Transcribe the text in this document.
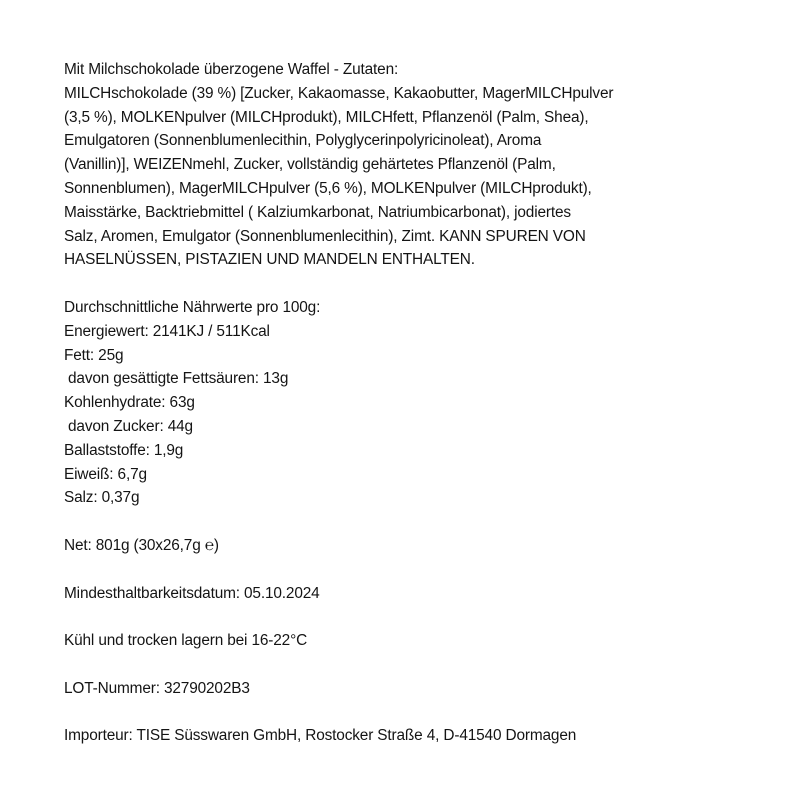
Mit Milchschokolade überzogene Waffel - Zutaten:

MILCHschokolade (39 %) [Zucker, Kakaomasse, Kakaobutter, MagerMILCHpulver

(3,5 %), MOLKENpulver (MILCHprodukt), MILCHfett, Pflanzenöl (Palm, Shea),

Emulgatoren (Sonnenblumenlecithin, Polyglycerinpolyricinoleat), Aroma

(Vanillin)], WEIZENmehl, Zucker, vollständig gehärtetes Pflanzenöl (Palm,

Sonnenblumen), MagerMILCHpulver (5,6 %), MOLKENpulver (MILCHprodukt),

Maisstärke, Backtriebmittel ( Kalziumkarbonat, Natriumbicarbonat), jodiertes

Salz, Aromen, Emulgator (Sonnenblumenlecithin), Zimt. KANN SPUREN VON

HASELNÜSSEN, PISTAZIEN UND MANDELN ENTHALTEN.

Durchschnittliche Nährwerte pro 100g:

Energiewert: 2141KJ / 511Kcal

Fett: 25g

davon gesättigte Fettsäuren: 13g

Kohlenhydrate: 63g

davon Zucker: 44g

Ballaststoffe: 1,9g

Eiweiß: 6,7g

Salz: 0,37g

Net: 801g (30x26,7g ℮)

Mindesthaltbarkeitsdatum: 05.10.2024

Kühl und trocken lagern bei 16-22°C

LOT-Nummer: 32790202B3

Importeur: TISE Süsswaren GmbH, Rostocker Straße 4, D-41540 Dormagen
